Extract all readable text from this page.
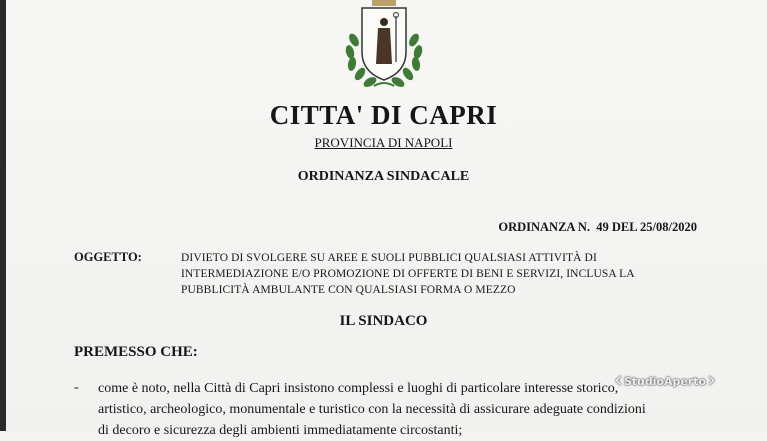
CITTA' DI CAPRI
PROVINCIA DI NAPOLI
ORDINANZA SINDACALE
ORDINANZA N.  49 DEL 25/08/2020
OGGETTO:	DIVIETO DI SVOLGERE SU AREE E SUOLI PUBBLICI QUALSIASI ATTIVITÀ DI
INTERMEDIAZIONE E/O PROMOZIONE DI OFFERTE DI BENI E SERVIZI, INCLUSA LA
PUBBLICITÀ AMBULANTE CON QUALSIASI FORMA O MEZZO
IL SINDACO
PREMESSO CHE:
- come è noto, nella Città di Capri insistono complessi e luoghi di particolare interesse storico,
artistico, archeologico, monumentale e turistico con la necessità di assicurare adeguate condizioni
di decoro e sicurezza degli ambienti immediatamente circostanti;
‹ StudioAperto ›
